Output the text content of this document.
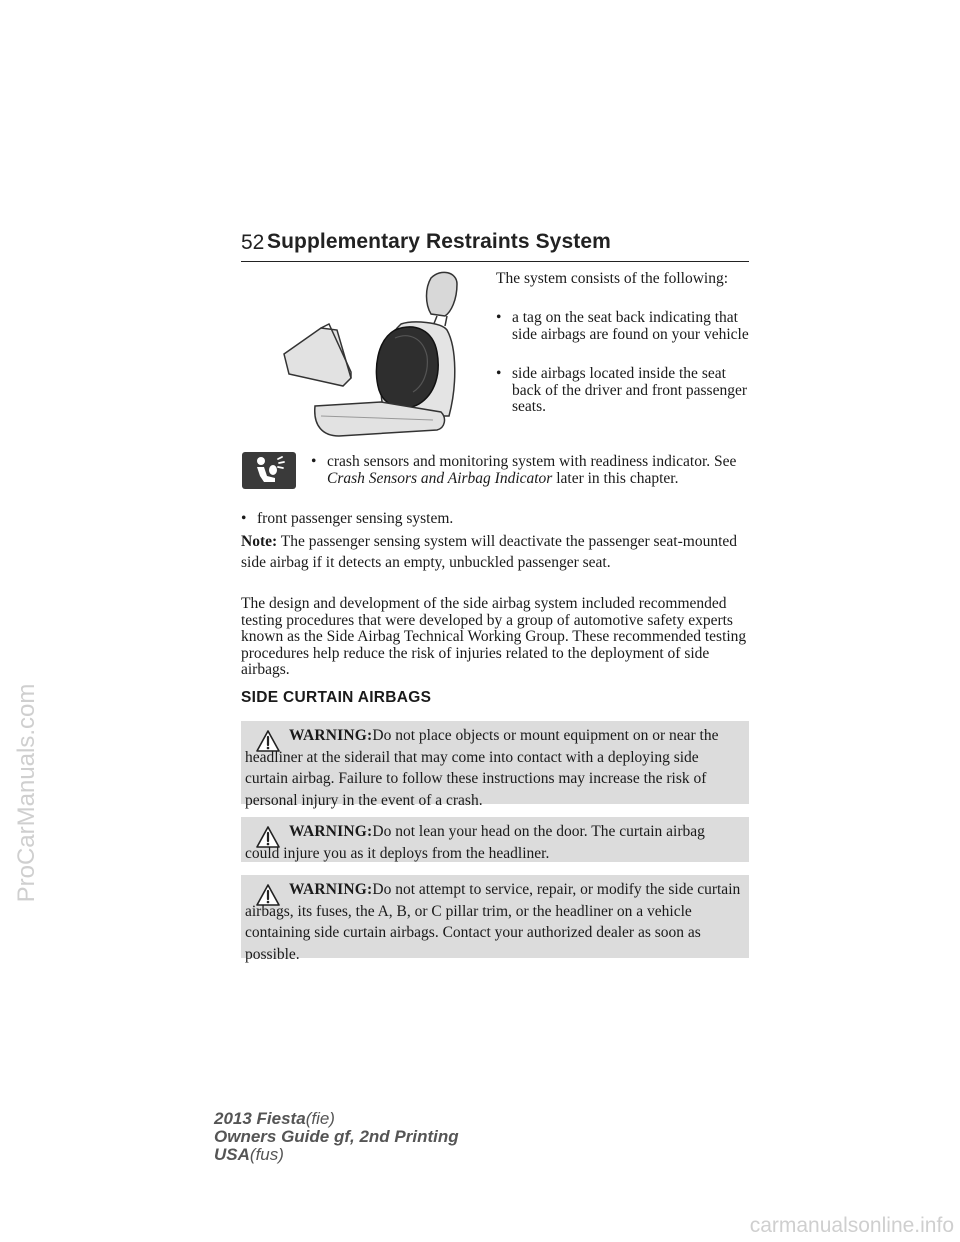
52 Supplementary Restraints System
The system consists of the following:
• a tag on the seat back indicating that side airbags are found on your vehicle
• side airbags located inside the seat back of the driver and front passenger seats.
• crash sensors and monitoring system with readiness indicator. See Crash Sensors and Airbag Indicator later in this chapter.
• front passenger sensing system.
Note: The passenger sensing system will deactivate the passenger seat-mounted side airbag if it detects an empty, unbuckled passenger seat.
The design and development of the side airbag system included recommended testing procedures that were developed by a group of automotive safety experts known as the Side Airbag Technical Working Group. These recommended testing procedures help reduce the risk of injuries related to the deployment of side airbags.
SIDE CURTAIN AIRBAGS
WARNING:Do not place objects or mount equipment on or near the headliner at the siderail that may come into contact with a deploying side curtain airbag. Failure to follow these instructions may increase the risk of personal injury in the event of a crash.
WARNING:Do not lean your head on the door. The curtain airbag could injure you as it deploys from the headliner.
WARNING:Do not attempt to service, repair, or modify the side curtain airbags, its fuses, the A, B, or C pillar trim, or the headliner on a vehicle containing side curtain airbags. Contact your authorized dealer as soon as possible.
2013 Fiesta(fie)
Owners Guide gf, 2nd Printing
USA(fus)
ProCarManuals.com
carmanualsonline.info
